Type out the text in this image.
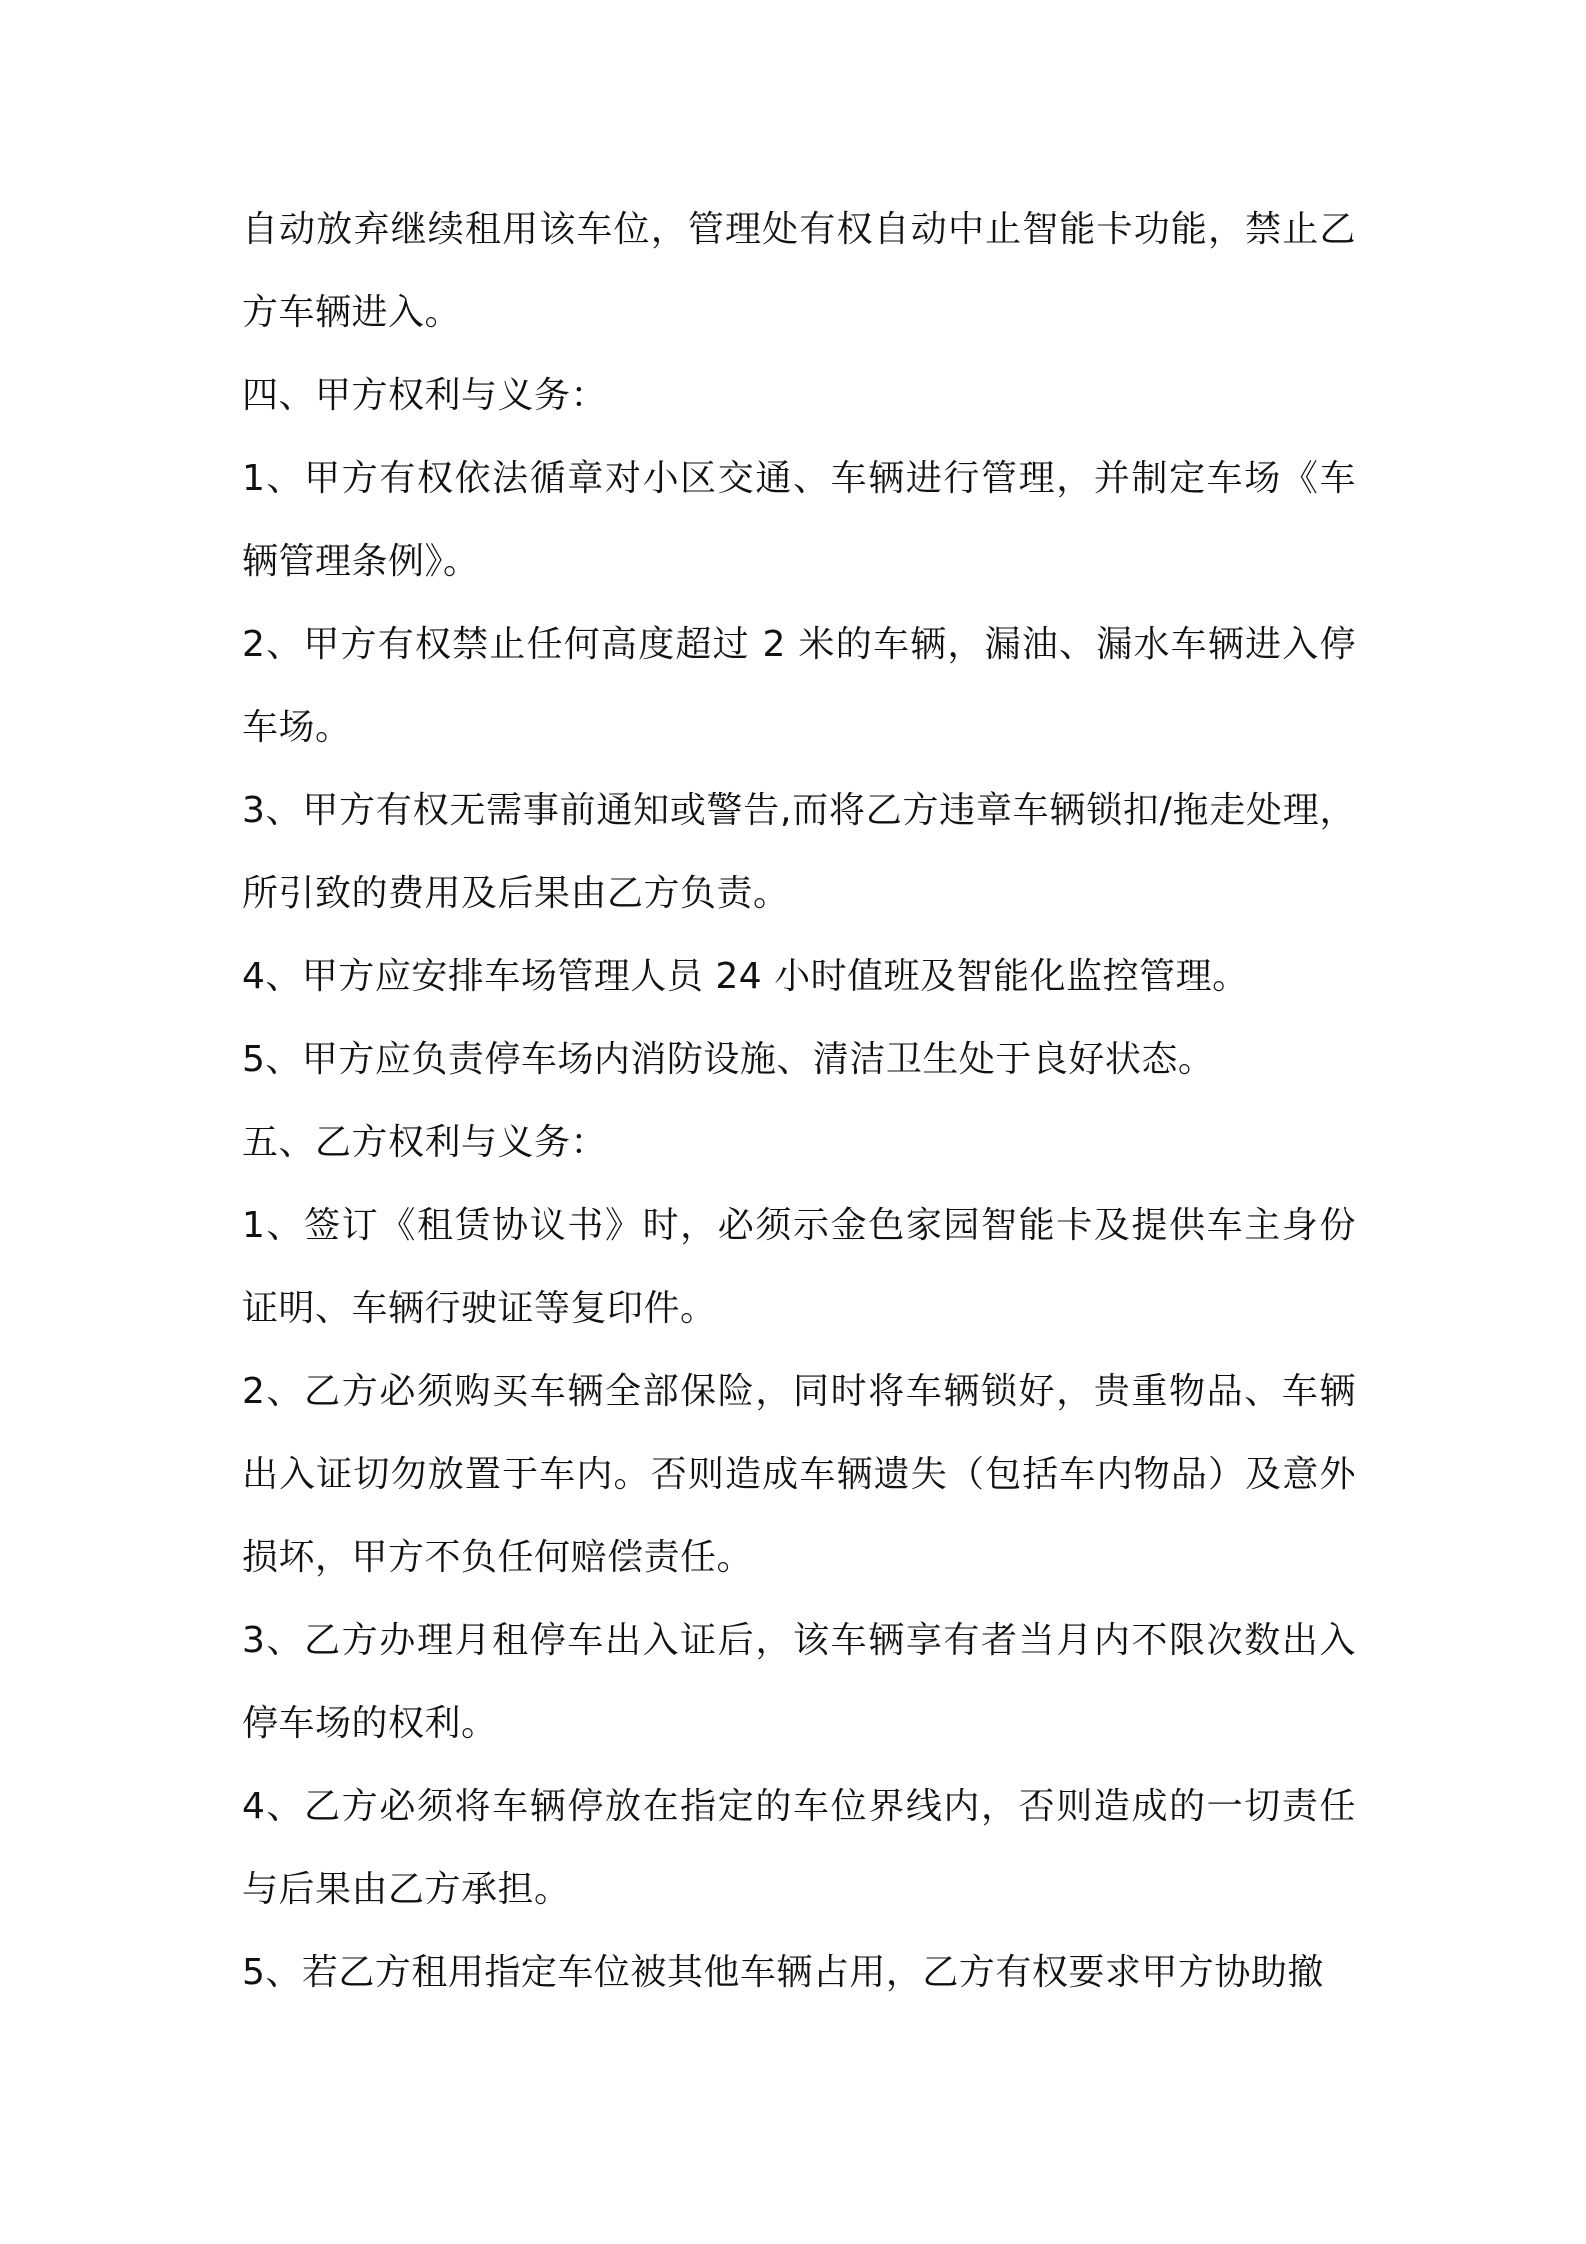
自动放弃继续租用该车位，管理处有权自动中止智能卡功能，禁止乙方车辆进入。

四、甲方权利与义务：

1、甲方有权依法循章对小区交通、车辆进行管理，并制定车场《车辆管理条例》。

2、甲方有权禁止任何高度超过 2 米的车辆，漏油、漏水车辆进入停车场。

3、甲方有权无需事前通知或警告,而将乙方违章车辆锁扣/拖走处理，所引致的费用及后果由乙方负责。

4、甲方应安排车场管理人员 24 小时值班及智能化监控管理。

5、甲方应负责停车场内消防设施、清洁卫生处于良好状态。

五、乙方权利与义务：

1、签订《租赁协议书》时，必须示金色家园智能卡及提供车主身份证明、车辆行驶证等复印件。

2、乙方必须购买车辆全部保险，同时将车辆锁好，贵重物品、车辆出入证切勿放置于车内。否则造成车辆遗失（包括车内物品）及意外损坏，甲方不负任何赔偿责任。

3、乙方办理月租停车出入证后，该车辆享有者当月内不限次数出入停车场的权利。

4、乙方必须将车辆停放在指定的车位界线内，否则造成的一切责任与后果由乙方承担。

5、若乙方租用指定车位被其他车辆占用，乙方有权要求甲方协助撤
